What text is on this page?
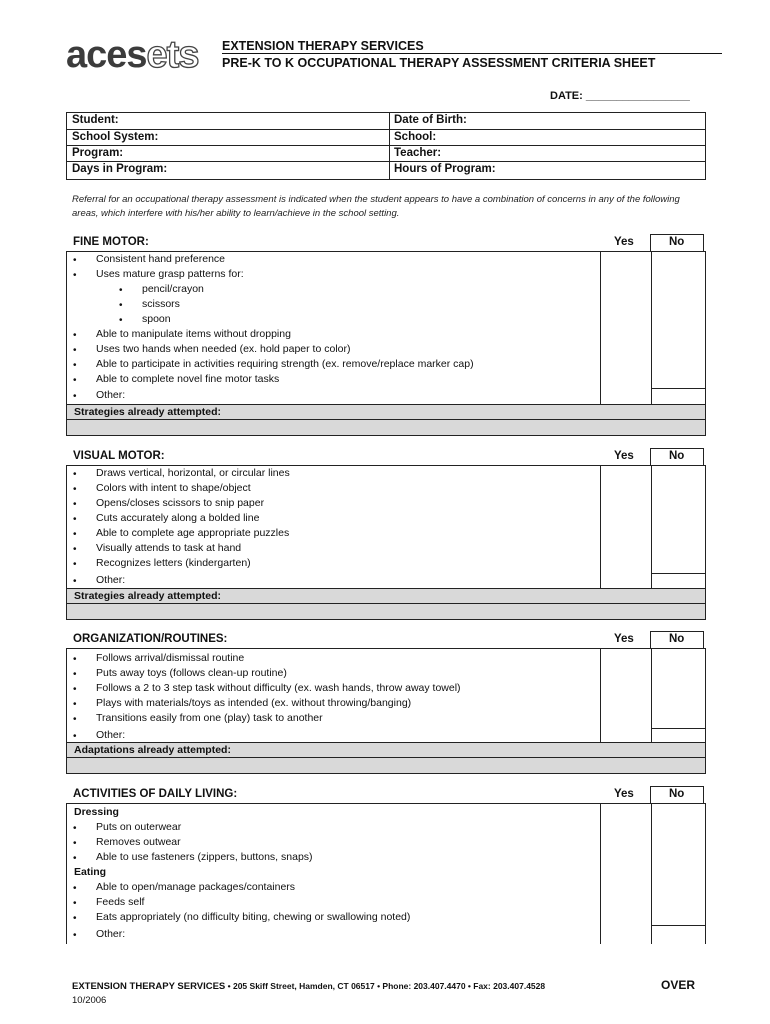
acesets EXTENSION THERAPY SERVICES
PRE-K TO K OCCUPATIONAL THERAPY ASSESSMENT CRITERIA SHEET
DATE: _________________
Student:	Date of Birth:
School System:	School:
Program:	Teacher:
Days in Program:	Hours of Program:
Referral for an occupational therapy assessment is indicated when the student appears to have a combination of concerns in any of the following areas, which interfere with his/her ability to learn/achieve in the school setting.
FINE MOTOR:	Yes	No
• Consistent hand preference
• Uses mature grasp patterns for:
• pencil/crayon
• scissors
• spoon
• Able to manipulate items without dropping
• Uses two hands when needed (ex. hold paper to color)
• Able to participate in activities requiring strength (ex. remove/replace marker cap)
• Able to complete novel fine motor tasks
• Other:
Strategies already attempted:
VISUAL MOTOR:	Yes	No
• Draws vertical, horizontal, or circular lines
• Colors with intent to shape/object
• Opens/closes scissors to snip paper
• Cuts accurately along a bolded line
• Able to complete age appropriate puzzles
• Visually attends to task at hand
• Recognizes letters (kindergarten)
• Other:
Strategies already attempted:
ORGANIZATION/ROUTINES:	Yes	No
• Follows arrival/dismissal routine
• Puts away toys (follows clean-up routine)
• Follows a 2 to 3 step task without difficulty (ex. wash hands, throw away towel)
• Plays with materials/toys as intended (ex. without throwing/banging)
• Transitions easily from one (play) task to another
• Other:
Adaptations already attempted:
ACTIVITIES OF DAILY LIVING:	Yes	No
Dressing
• Puts on outerwear
• Removes outwear
• Able to use fasteners (zippers, buttons, snaps)
Eating
• Able to open/manage packages/containers
• Feeds self
• Eats appropriately (no difficulty biting, chewing or swallowing noted)
• Other:
EXTENSION THERAPY SERVICES • 205 Skiff Street, Hamden, CT 06517 • Phone: 203.407.4470 • Fax: 203.407.4528	OVER
10/2006
